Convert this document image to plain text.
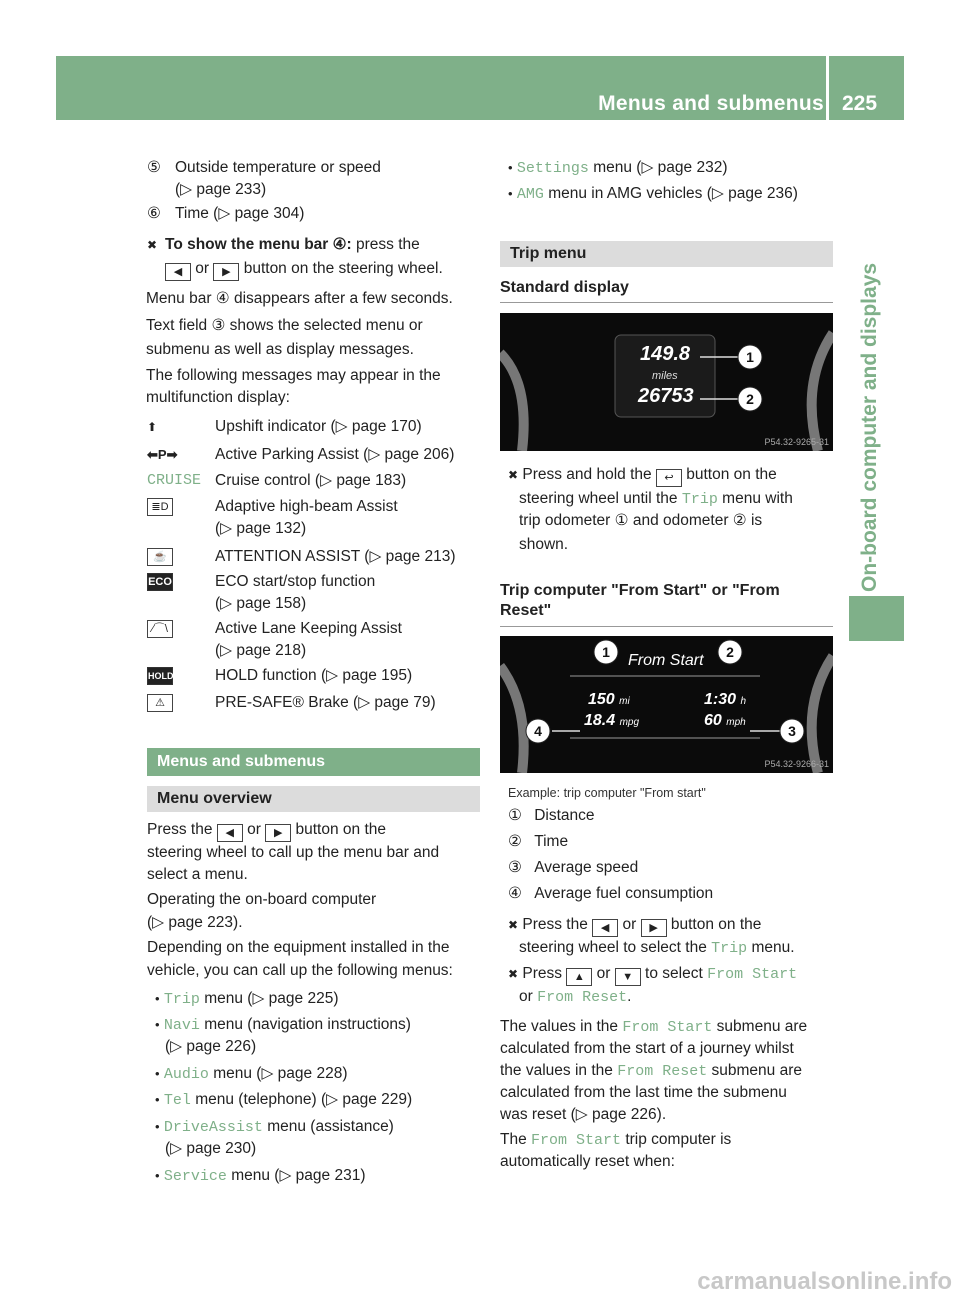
Menus and submenus 225
On-board computer and displays
⑤ Outside temperature or speed
(▷ page 233)
⑥ Time (▷ page 304)
✖ To show the menu bar ④: press the
◀ or ▶ button on the steering wheel.
Menu bar ④ disappears after a few seconds.
Text field ③ shows the selected menu or
submenu as well as display messages.
The following messages may appear in the
multifunction display:
⬆	Upshift indicator (▷ page 170)
⬅P➡ Active Parking Assist (▷ page 206)
CRUISE Cruise control (▷ page 183)
≣D	Adaptive high-beam Assist
(▷ page 132)
☕	ATTENTION ASSIST (▷ page 213)
ECO	ECO start/stop function
(▷ page 158)
⁄⌒\	Active Lane Keeping Assist
(▷ page 218)
HOLD	HOLD function (▷ page 195)
⚠	PRE-SAFE® Brake (▷ page 79)
Menus and submenus
Menu overview
Press the ◀ or ▶ button on the
steering wheel to call up the menu bar and
select a menu.
Operating the on-board computer
(▷ page 223).
Depending on the equipment installed in the
vehicle, you can call up the following menus:
• Trip menu (▷ page 225)
• Navi menu (navigation instructions)
(▷ page 226)
• Audio menu (▷ page 228)
• Tel menu (telephone) (▷ page 229)
• DriveAssist menu (assistance)
(▷ page 230)
• Service menu (▷ page 231)
• Settings menu (▷ page 232)
• AMG menu in AMG vehicles (▷ page 236)
Trip menu
Standard display
1
2
149.8
miles
26753
P54.32-9265-31
✖ Press and hold the ↩ button on the
steering wheel until the Trip menu with
trip odometer ① and odometer ② is
shown.
Trip computer "From Start" or "From
Reset"
1	2
3
4
From Start
150 mi	1:30 h
18.4 mpg	60 mph
P54.32-9266-31
Example: trip computer "From start"
① Distance
② Time
③ Average speed
④ Average fuel consumption
✖ Press the ◀ or ▶ button on the
steering wheel to select the Trip menu.
✖ Press ▲ or ▼ to select From Start
or From Reset.
The values in the From Start submenu are
calculated from the start of a journey whilst
the values in the From Reset submenu are
calculated from the last time the submenu
was reset (▷ page 226).
The From Start trip computer is
automatically reset when:
carmanualsonline.info
